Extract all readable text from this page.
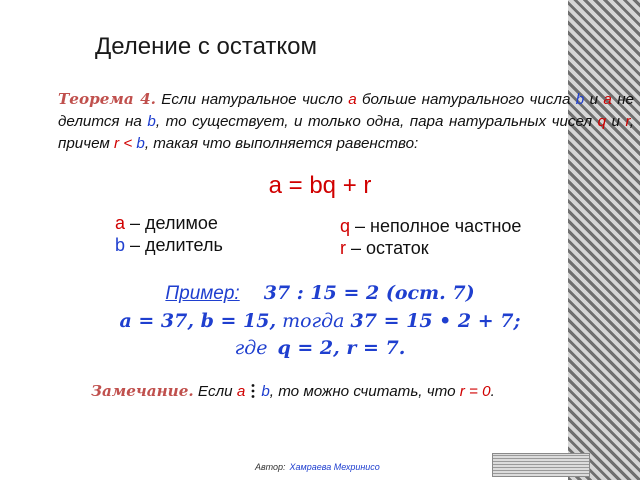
Деление с остатком
Теорема 4. Если натуральное число a больше натурального числа b и a не делится на b, то существует, и только одна, пара натуральных чисел q и r, причем r < b, такая что выполняется равенство:
a = bq + r
a – делимое
b – делитель
q – неполное частное
r – остаток
Пример: 37 : 15 = 2 (ост. 7)
a = 37, b = 15, тогда 37 = 15 • 2 + 7;
где q = 2, r = 7.
Замечание. Если a b, то можно считать, что r = 0.
Автор: Хамраева Мехринисо
